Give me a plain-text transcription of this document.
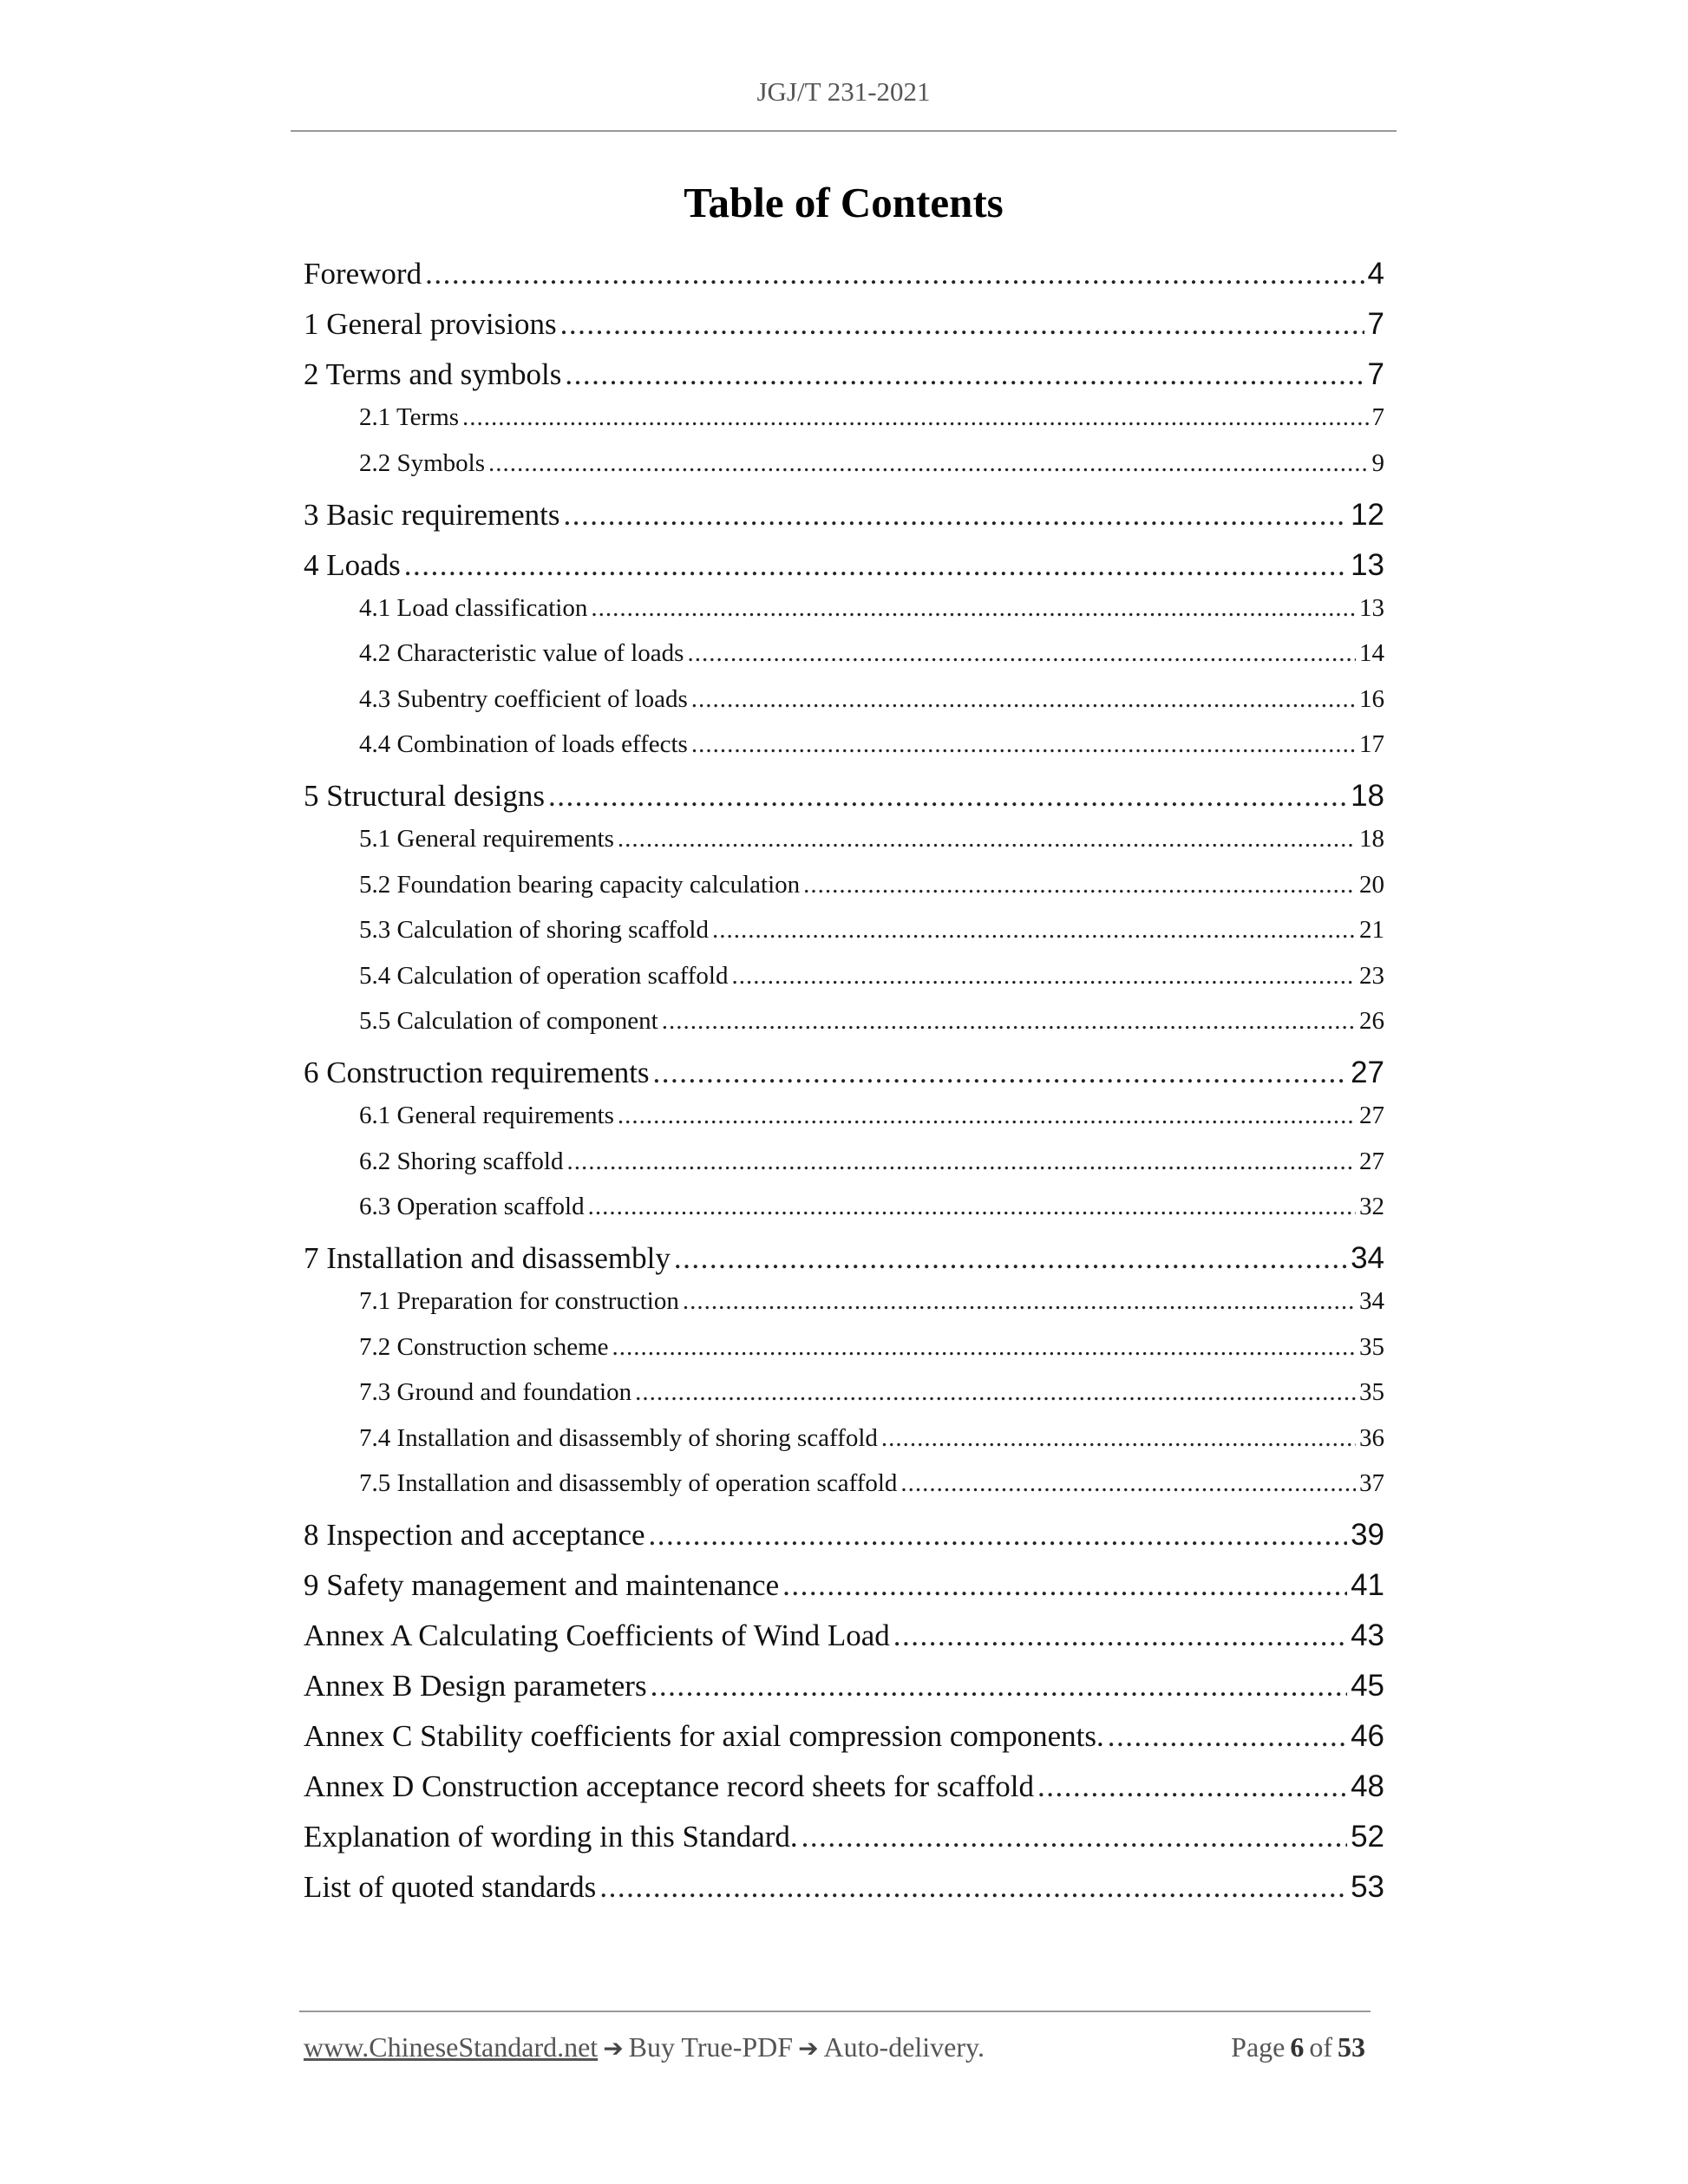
JGJ/T 231-2021
Table of Contents
Foreword .....	4
1 General provisions .....	7
2 Terms and symbols .....	7
2.1 Terms .....	7
2.2 Symbols .....	9
3 Basic requirements .....	12
4 Loads .....	13
4.1 Load classification .....	13
4.2 Characteristic value of loads .....	14
4.3 Subentry coefficient of loads .....	16
4.4 Combination of loads effects .....	17
5 Structural designs .....	18
5.1 General requirements .....	18
5.2 Foundation bearing capacity calculation .....	20
5.3 Calculation of shoring scaffold .....	21
5.4 Calculation of operation scaffold .....	23
5.5 Calculation of component .....	26
6 Construction requirements .....	27
6.1 General requirements .....	27
6.2 Shoring scaffold .....	27
6.3 Operation scaffold .....	32
7 Installation and disassembly .....	34
7.1 Preparation for construction .....	34
7.2 Construction scheme .....	35
7.3 Ground and foundation .....	35
7.4 Installation and disassembly of shoring scaffold .....	36
7.5 Installation and disassembly of operation scaffold .....	37
8 Inspection and acceptance .....	39
9 Safety management and maintenance .....	41
Annex A Calculating Coefficients of Wind Load .....	43
Annex B Design parameters .....	45
Annex C Stability coefficients for axial compression components. .....	46
Annex D Construction acceptance record sheets for scaffold .....	48
Explanation of wording in this Standard. .....	52
List of quoted standards .....	53
www.ChineseStandard.net ➔ Buy True-PDF ➔ Auto-delivery.	Page 6 of 53
